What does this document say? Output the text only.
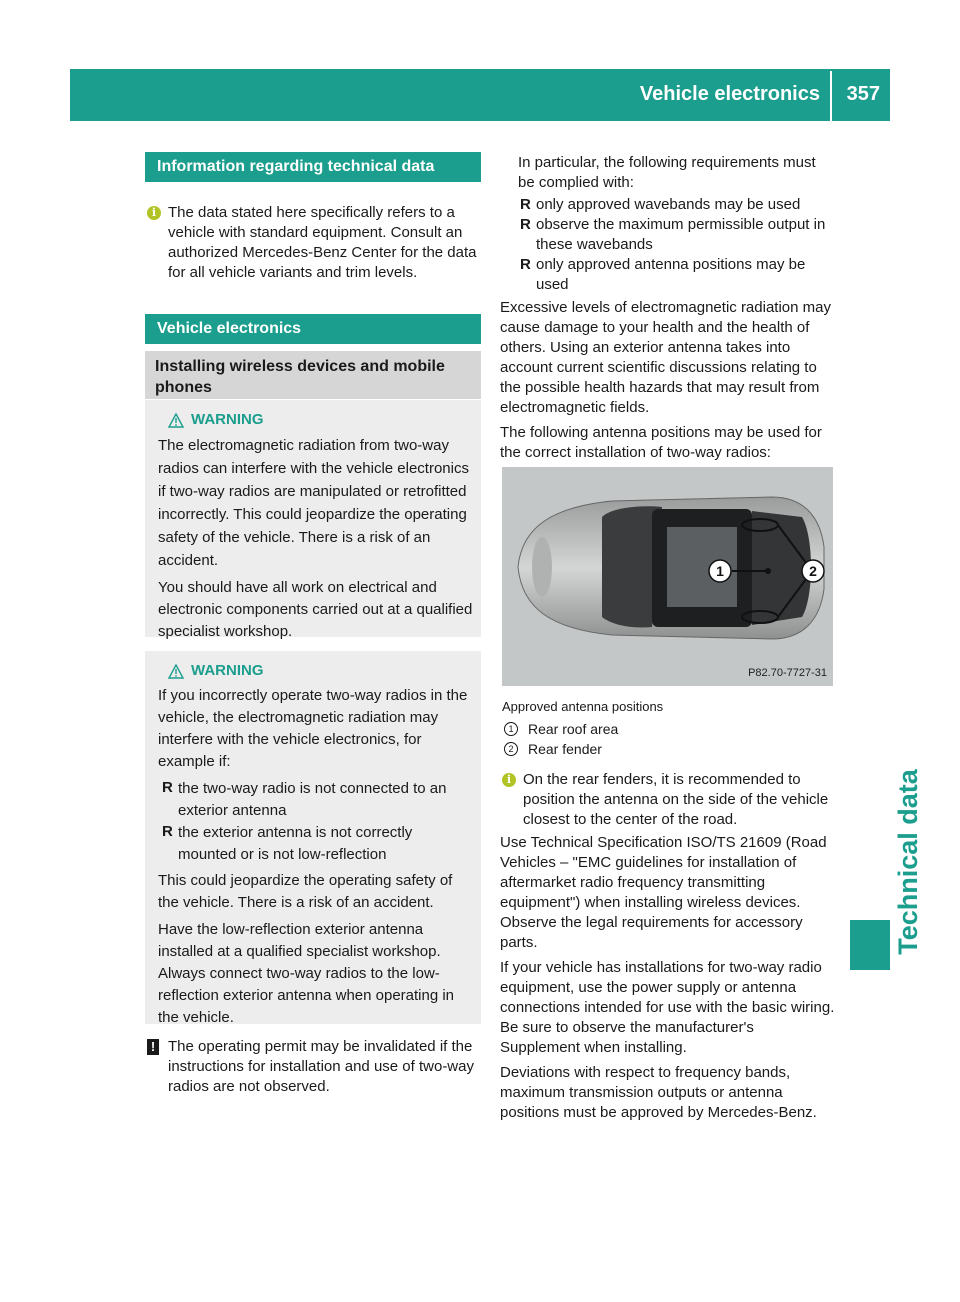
Vehicle electronics 357
Technical data
Information regarding technical data
i The data stated here specifically refers to a vehicle with standard equipment. Consult an authorized Mercedes-Benz Center for the data for all vehicle variants and trim levels.
Vehicle electronics
Installing wireless devices and mobile phones
WARNING

The electromagnetic radiation from two-way radios can interfere with the vehicle electronics if two-way radios are manipulated or retrofitted incorrectly. This could jeopardize the operating safety of the vehicle. There is a risk of an accident.

You should have all work on electrical and electronic components carried out at a qualified specialist workshop.

WARNING

If you incorrectly operate two-way radios in the vehicle, the electromagnetic radiation may interfere with the vehicle electronics, for example if:

R the two-way radio is not connected to an exterior antenna
R the exterior antenna is not correctly mounted or is not low-reflection

This could jeopardize the operating safety of the vehicle. There is a risk of an accident.

Have the low-reflection exterior antenna installed at a qualified specialist workshop. Always connect two-way radios to the low-reflection exterior antenna when operating in the vehicle.

! The operating permit may be invalidated if the instructions for installation and use of two-way radios are not observed.

In particular, the following requirements must be complied with:

R only approved wavebands may be used
R observe the maximum permissible output in these wavebands
R only approved antenna positions may be used

Excessive levels of electromagnetic radiation may cause damage to your health and the health of others. Using an exterior antenna takes into account current scientific discussions relating to the possible health hazards that may result from electromagnetic fields.

The following antenna positions may be used for the correct installation of two-way radios:

1	2
P82.70-7727-31
Approved antenna positions
1	Rear roof area
2	Rear fender
i On the rear fenders, it is recommended to position the antenna on the side of the vehicle closest to the center of the road.

Use Technical Specification ISO/TS 21609 (Road Vehicles – "EMC guidelines for installation of aftermarket radio frequency transmitting equipment") when installing wireless devices. Observe the legal requirements for accessory parts.

If your vehicle has installations for two-way radio equipment, use the power supply or antenna connections intended for use with the basic wiring. Be sure to observe the manufacturer's Supplement when installing.

Deviations with respect to frequency bands, maximum transmission outputs or antenna positions must be approved by Mercedes-Benz.
